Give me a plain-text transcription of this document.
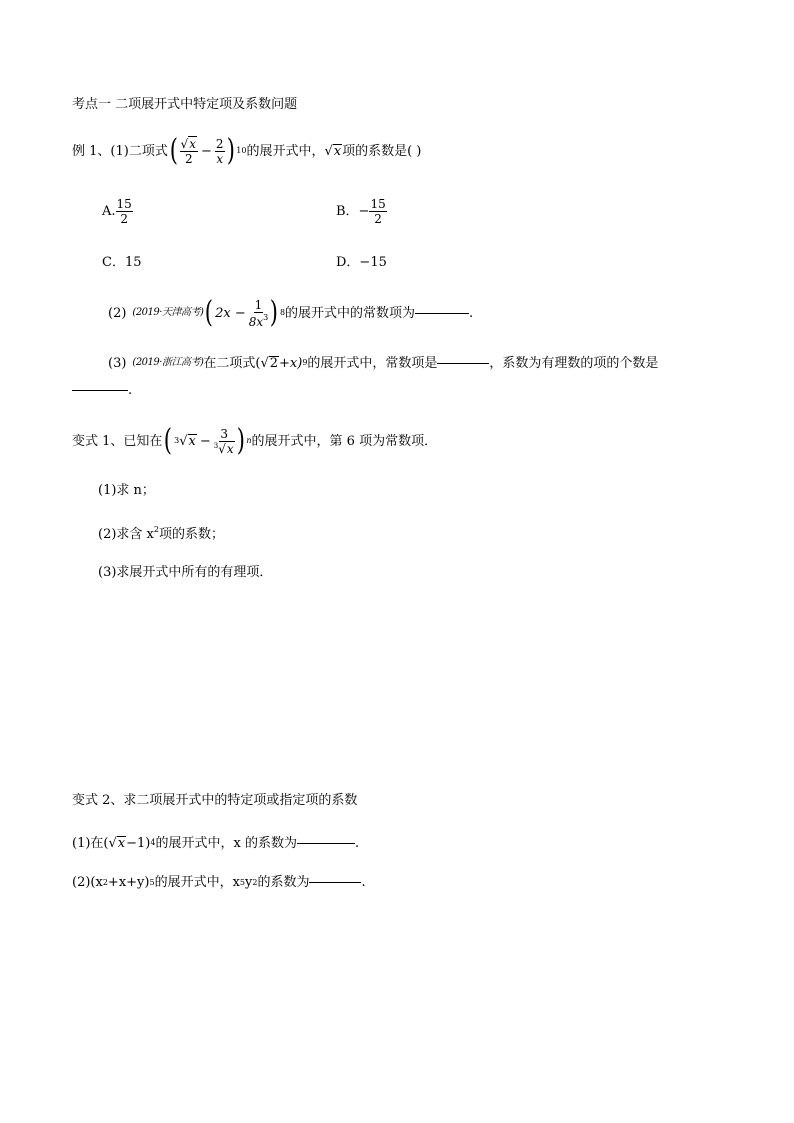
考点一 二项展开式中特定项及系数问题
例 1、(1)二项式 ( $\frac{√x}{2} - \frac{2}{x}$ ) 10 的展开式中， √ x 项的系数是( )
A. $\frac{15}{2}$	B．− $\frac{15}{2}$
C．15	D．−15
(2) (2019·天津高考) ( $2x - \frac{1}{8x^3}$ ) 8 的展开式中的常数项为	.
(3) (2019·浙江高考) 在二项式( √ 2 +x) 9 的展开式中，常数项是	，系数为有理数的项的个数是
.
变式 1、已知在 ( 3 √ $x - \frac{3}{^3√x}$ ) n 的展开式中，第 6 项为常数项．
(1)求 n；
(2)求含 $x^2$项的系数；
(3)求展开式中所有的有理项．
变式 2、求二项展开式中的特定项或指定项的系数
(1)在( √ x −1) 4 的展开式中，x 的系数为	.
(2)(x 2 +x+y) 5 的展开式中，x 5 y 2 的系数为	.
